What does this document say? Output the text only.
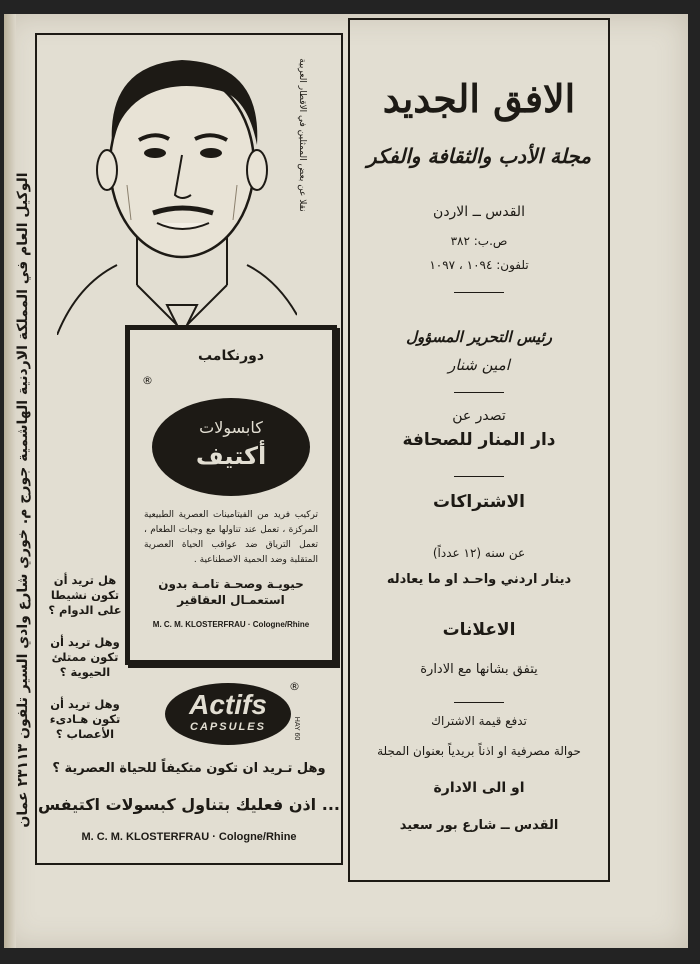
الوكيل العام في المملكة الاردنية الهاشمية جورج م. خوري شارع وادي السير تلفون ٢٣١١٣ عمان
نقلا عن بعض الممثلين في الاقطار العربية
دورنكامب
®
كابسولات
أكتيف
تركيب فريد من الفيتامينات العصرية الطبيعية المركزة ، تعمل عند تناولها مع وجبات الطعام ، تعمل الترياق ضد عواقب الحياة العصرية المتقلبة وضد الحمية الاصطناعية .
حيويـة وصحـة تامـة بدون استعمـال العقاقير
M. C. M. KLOSTERFRAU · Cologne/Rhine
هل تريد أن تكون نشيطا على الدوام ؟
وهل تريد أن تكون ممتلئ الحيوية ؟
وهل تريد أن تكون هـادىء الأعصاب ؟
Actifs
CAPSULES
®
HAY 60
وهل تـريد ان تكون متكيفاً للحياة العصرية ؟
... اذن فعليك بتناول كبسولات اكتيفس
M. C. M. KLOSTERFRAU · Cologne/Rhine
الافق الجديد
مجلة الأدب والثقافة والفكر
القدس ــ الاردن
ص.ب: ٣٨٢
تلفون: ١٠٩٤ ، ١٠٩٧
رئيس التحرير المسؤول
امين شنار
تصدر عن
دار المنار للصحافة
الاشتراكات
عن سنه (١٢ عدداً)
دينار اردني واحـد او ما يعادله
الاعلانات
يتفق بشانها مع الادارة
تدفع قيمة الاشتراك
حوالة مصرفية او اذناً بريدياً بعنوان المجلة
او الى الادارة
القدس ــ شارع بور سعيد
